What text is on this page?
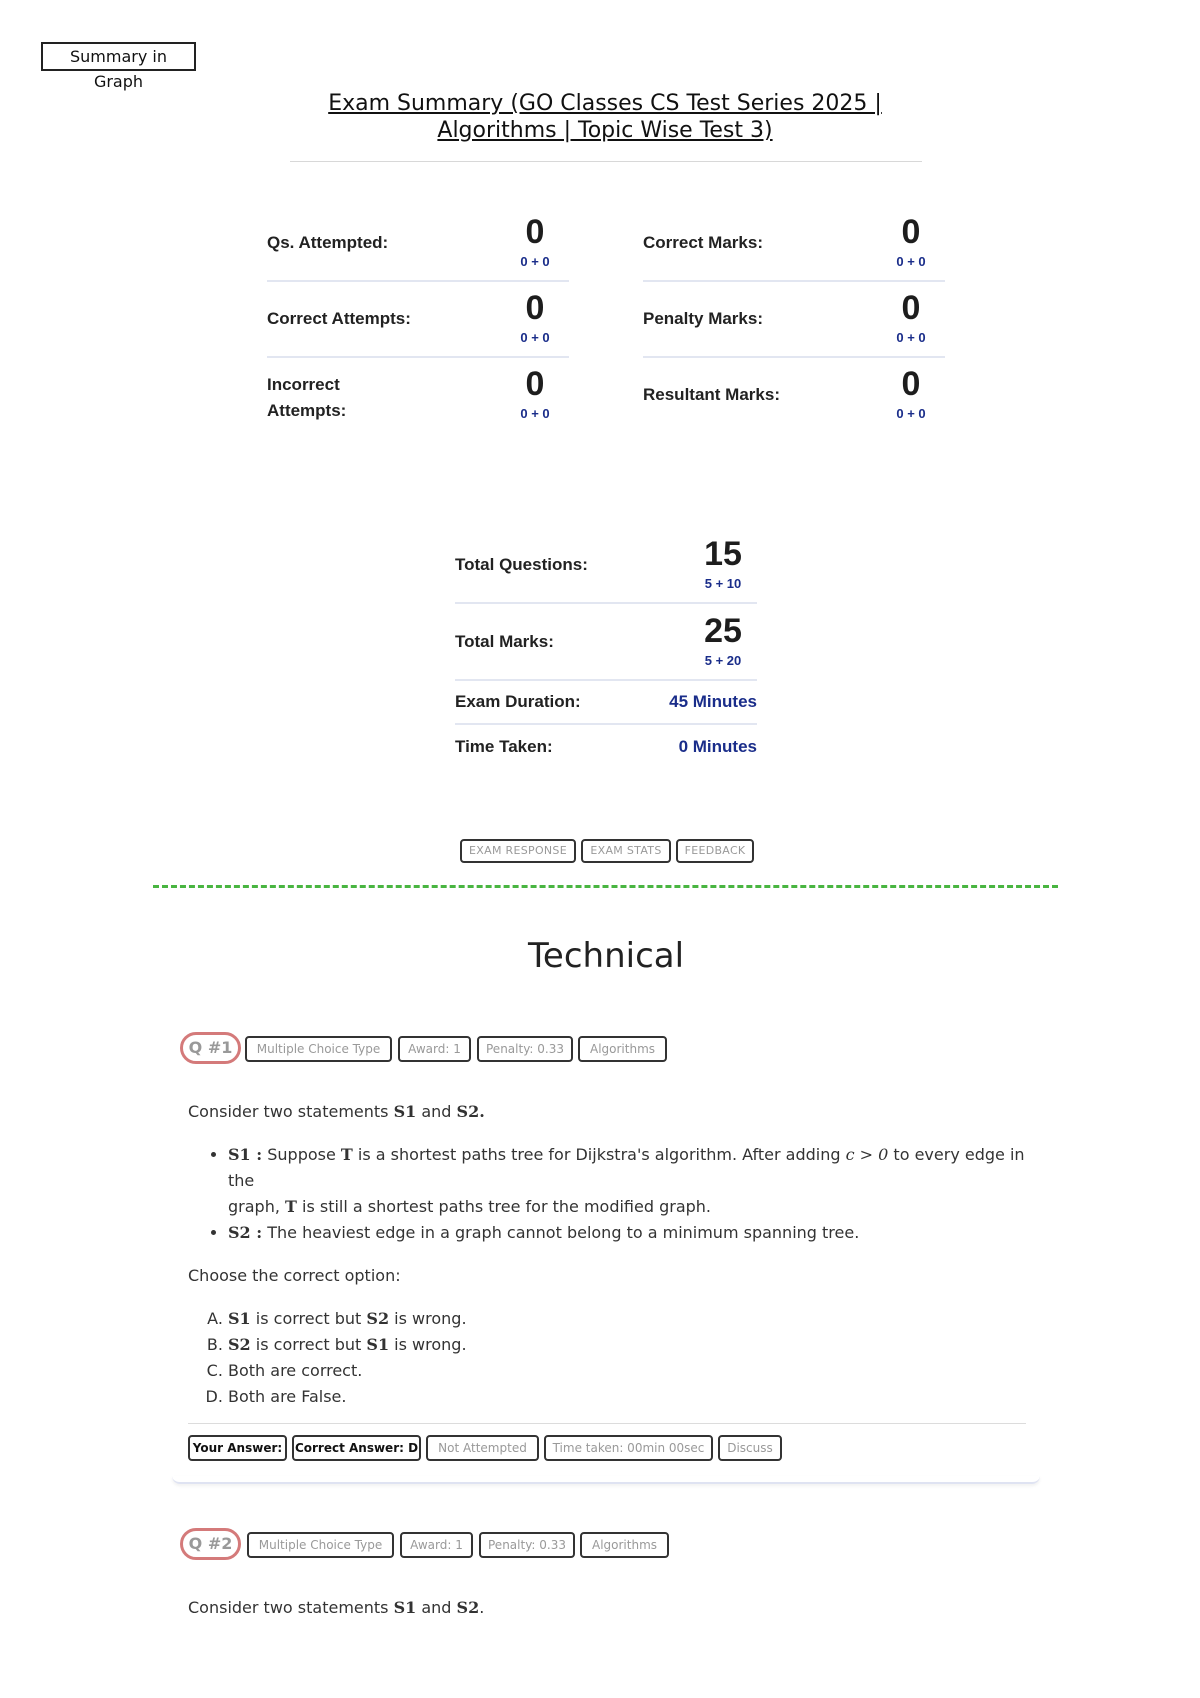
Summary in Graph
Exam Summary (GO Classes CS Test Series 2025 |
Algorithms | Topic Wise Test 3)
Qs. Attempted:	0
0 + 0
Correct Attempts:	0
0 + 0
Incorrect
Attempts:
0
0 + 0
Correct Marks:	0
0 + 0
Penalty Marks:	0
0 + 0
Resultant Marks:	0
0 + 0
Total Questions:	15
5 + 10
Total Marks:	25
5 + 20
Exam Duration:	45 Minutes
Time Taken:	0 Minutes
EXAM RESPONSE	EXAM STATS	FEEDBACK
Technical
Q #1	Multiple Choice Type	Award: 1	Penalty: 0.33	Algorithms
Consider two statements S1 and S2.
• S1 : Suppose T is a shortest paths tree for Dijkstra's algorithm. After adding c > 0 to every edge in the
graph, T is still a shortest paths tree for the modified graph.
• S2 : The heaviest edge in a graph cannot belong to a minimum spanning tree.
Choose the correct option:
A. S1 is correct but S2 is wrong.
B. S2 is correct but S1 is wrong.
C. Both are correct.
D. Both are False.
Your Answer:	Correct Answer: D	Not Attempted	Time taken: 00min 00sec	Discuss
Q #2	Multiple Choice Type	Award: 1	Penalty: 0.33	Algorithms
Consider two statements S1 and S2.
